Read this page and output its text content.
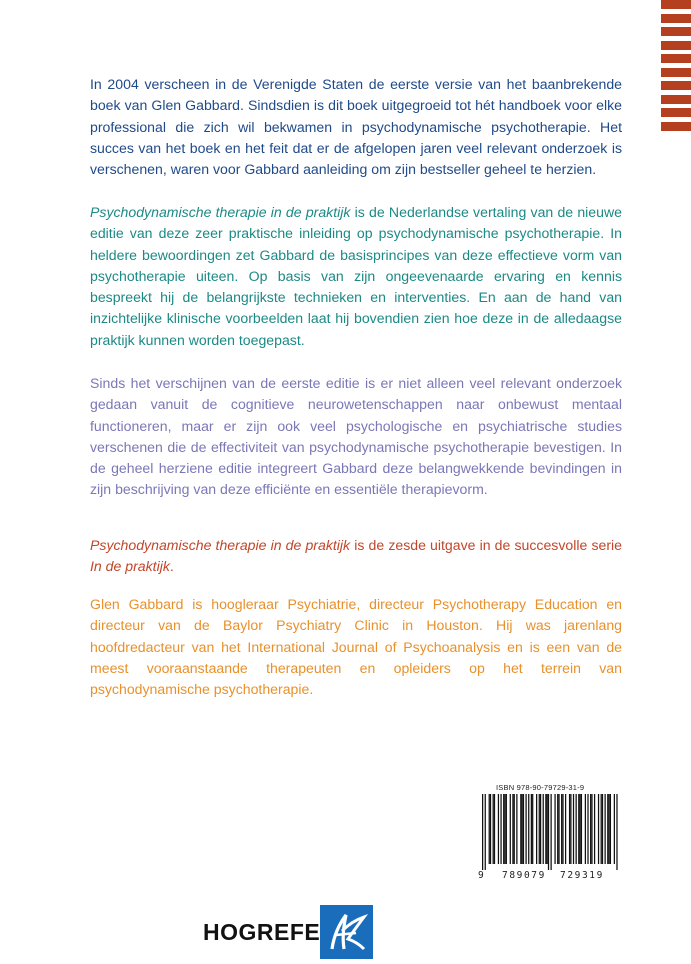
In 2004 verscheen in de Verenigde Staten de eerste versie van het baanbrekende boek van Glen Gabbard. Sindsdien is dit boek uitgegroeid tot hét handboek voor elke professional die zich wil bekwamen in psychodynamische psychotherapie. Het succes van het boek en het feit dat er de afgelopen jaren veel relevant onderzoek is verschenen, waren voor Gabbard aanleiding om zijn bestseller geheel te herzien.

Psychodynamische therapie in de praktijk is de Nederlandse vertaling van de nieuwe editie van deze zeer praktische inleiding op psychodynamische psychotherapie. In heldere bewoordingen zet Gabbard de basisprincipes van deze effectieve vorm van psychotherapie uiteen. Op basis van zijn ongeevenaarde ervaring en kennis bespreekt hij de belangrijkste technieken en interventies. En aan de hand van inzichtelijke klinische voorbeelden laat hij bovendien zien hoe deze in de alledaagse praktijk kunnen worden toegepast.

Sinds het verschijnen van de eerste editie is er niet alleen veel relevant onderzoek gedaan vanuit de cognitieve neurowetenschappen naar onbewust mentaal functioneren, maar er zijn ook veel psychologische en psychiatrische studies verschenen die de effectiviteit van psychodynamische psychotherapie bevestigen. In de geheel herziene editie integreert Gabbard deze belangwekkende bevindingen in zijn beschrijving van deze efficiënte en essentiële therapievorm.

Psychodynamische therapie in de praktijk is de zesde uitgave in de succesvolle serie In de praktijk.

Glen Gabbard is hoogleraar Psychiatrie, directeur Psychotherapy Education en directeur van de Baylor Psychiatry Clinic in Houston. Hij was jarenlang hoofdredacteur van het International Journal of Psychoanalysis en is een van de meest vooraanstaande therapeuten en opleiders op het terrein van psychodynamische psychotherapie.

ISBN 978-90-79729-31-9
9 789079 729319
HOGREFE
